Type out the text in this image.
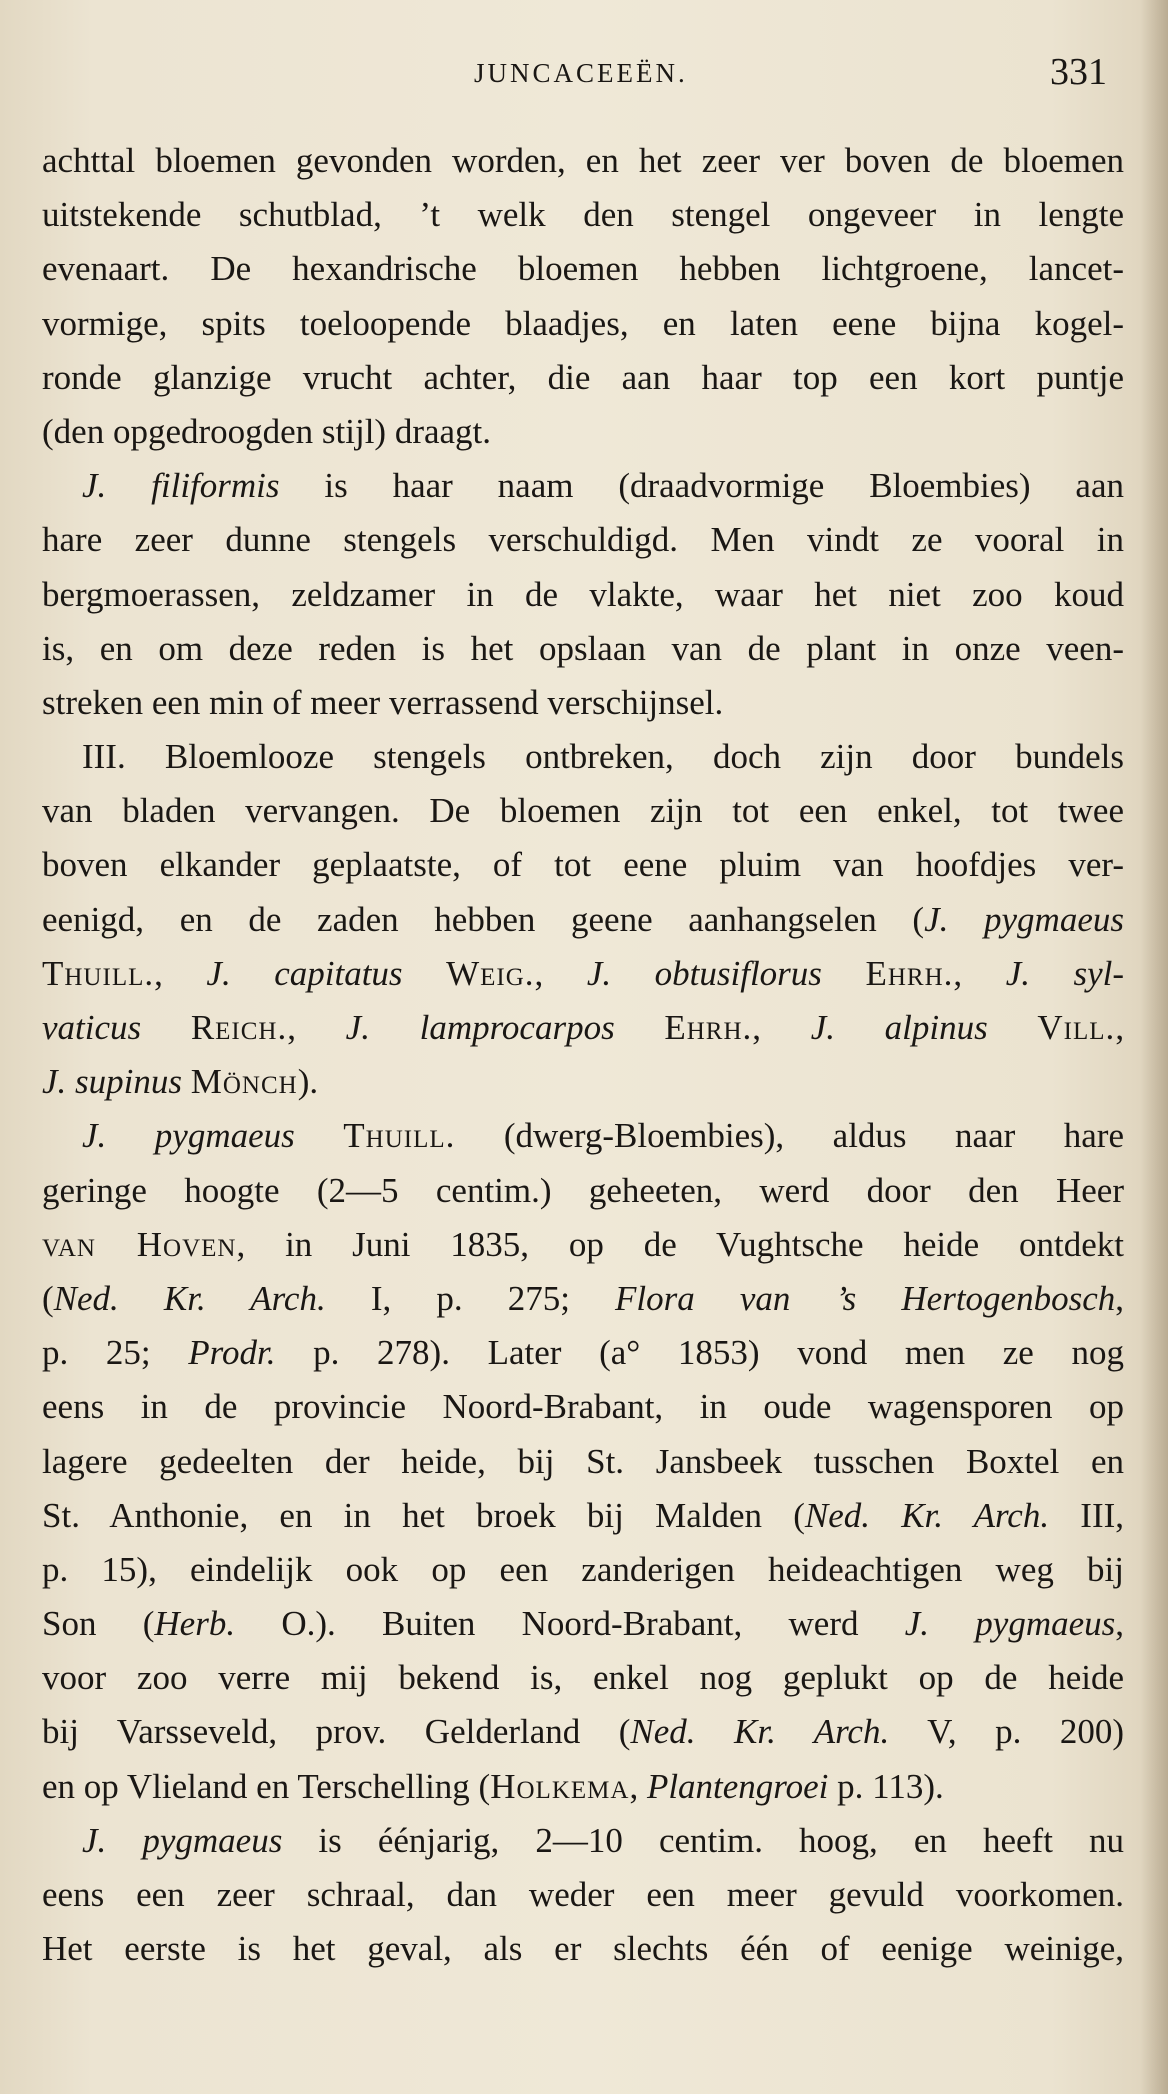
JUNCACEEËN.	331
achttal bloemen gevonden worden, en het zeer ver boven de bloemen
uitstekende schutblad, ’t welk den stengel ongeveer in lengte
evenaart. De hexandrische bloemen hebben lichtgroene, lancet-
vormige, spits toeloopende blaadjes, en laten eene bijna kogel-
ronde glanzige vrucht achter, die aan haar top een kort puntje
(den opgedroogden stijl) draagt.
J. filiformis is haar naam (draadvormige Bloembies) aan
hare zeer dunne stengels verschuldigd. Men vindt ze vooral in
bergmoerassen, zeldzamer in de vlakte, waar het niet zoo koud
is, en om deze reden is het opslaan van de plant in onze veen-
streken een min of meer verrassend verschijnsel.
III. Bloemlooze stengels ontbreken, doch zijn door bundels
van bladen vervangen. De bloemen zijn tot een enkel, tot twee
boven elkander geplaatste, of tot eene pluim van hoofdjes ver-
eenigd, en de zaden hebben geene aanhangselen (J. pygmaeus
Thuill., J. capitatus Weig., J. obtusiflorus Ehrh., J. syl-
vaticus Reich., J. lamprocarpos Ehrh., J. alpinus Vill.,
J. supinus Mönch).
J. pygmaeus Thuill. (dwerg-Bloembies), aldus naar hare
geringe hoogte (2—5 centim.) geheeten, werd door den Heer
van Hoven, in Juni 1835, op de Vughtsche heide ontdekt
(Ned. Kr. Arch. I, p. 275; Flora van ’s Hertogenbosch,
p. 25; Prodr. p. 278). Later (a° 1853) vond men ze nog
eens in de provincie Noord-Brabant, in oude wagensporen op
lagere gedeelten der heide, bij St. Jansbeek tusschen Boxtel en
St. Anthonie, en in het broek bij Malden (Ned. Kr. Arch. III,
p. 15), eindelijk ook op een zanderigen heideachtigen weg bij
Son (Herb. O.). Buiten Noord-Brabant, werd J. pygmaeus,
voor zoo verre mij bekend is, enkel nog geplukt op de heide
bij Varsseveld, prov. Gelderland (Ned. Kr. Arch. V, p. 200)
en op Vlieland en Terschelling (Holkema, Plantengroei p. 113).
J. pygmaeus is éénjarig, 2—10 centim. hoog, en heeft nu
eens een zeer schraal, dan weder een meer gevuld voorkomen.
Het eerste is het geval, als er slechts één of eenige weinige,
